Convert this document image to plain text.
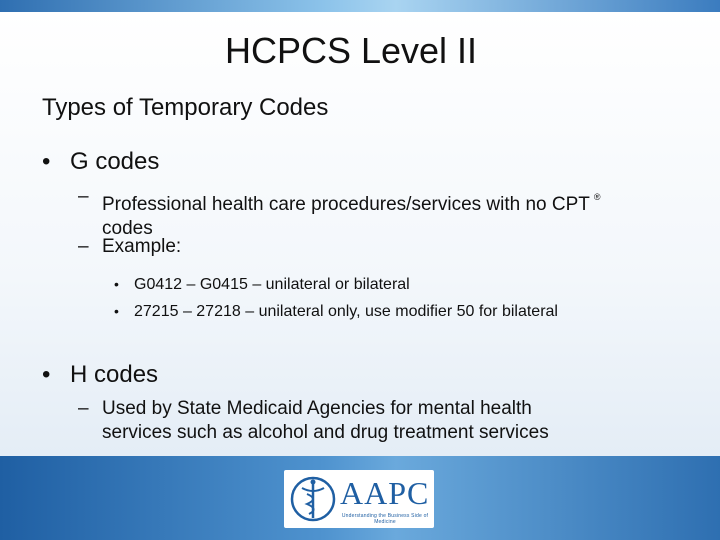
HCPCS Level II
Types of Temporary Codes
• G codes
– Professional health care procedures/services with no CPT ®
codes
– Example:
• G0412 – G0415 – unilateral or bilateral
• 27215 – 27218 – unilateral only, use modifier 50 for bilateral
• H codes
– Used by State Medicaid Agencies for mental health
services such as alcohol and drug treatment services
AAPC
Understanding the Business Side of Medicine
